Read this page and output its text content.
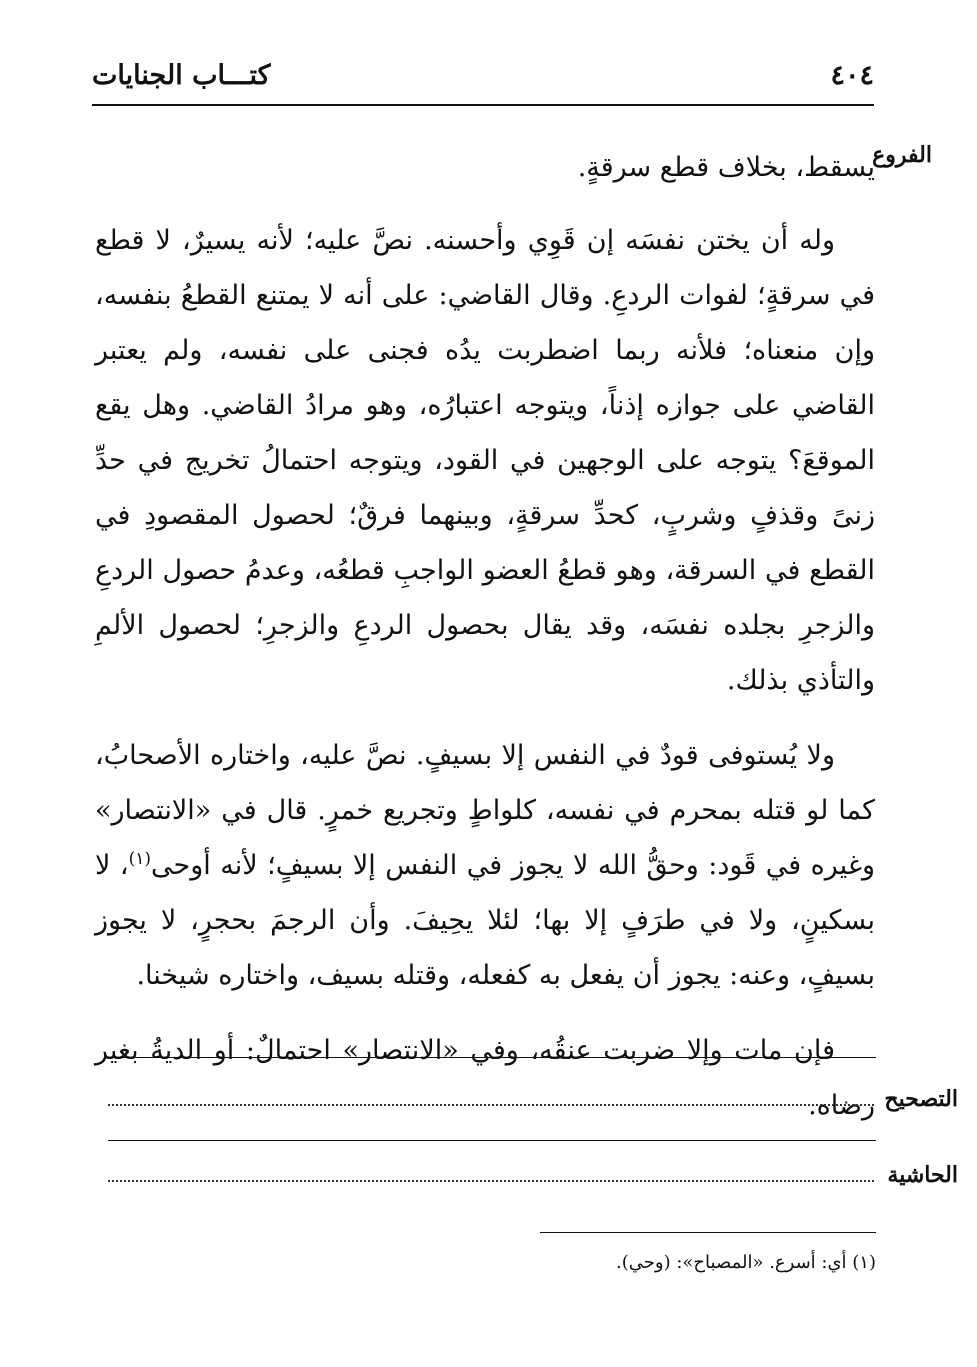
٤٠٤
كتـــاب الجنايات
الفروع

يسقط، بخلاف قطع سرقةٍ.

وله أن يختن نفسَه إن قَوِي وأحسنه. نصَّ عليه؛ لأنه يسيرٌ، لا قطع في سرقةٍ؛ لفوات الردعِ. وقال القاضي: على أنه لا يمتنع القطعُ بنفسه، وإن منعناه؛ فلأنه ربما اضطربت يدُه فجنى على نفسه، ولم يعتبر القاضي على جوازه إذناً، ويتوجه اعتبارُه، وهو مرادُ القاضي. وهل يقع الموقعَ؟ يتوجه على الوجهين في القود، ويتوجه احتمالُ تخريج في حدِّ زنىً وقذفٍ وشربٍ، كحدِّ سرقةٍ، وبينهما فرقٌ؛ لحصول المقصودِ في القطع في السرقة، وهو قطعُ العضو الواجبِ قطعُه، وعدمُ حصول الردعِ والزجرِ بجلده نفسَه، وقد يقال بحصول الردعِ والزجرِ؛ لحصول الألمِ والتأذي بذلك.

ولا يُستوفى قودٌ في النفس إلا بسيفٍ. نصَّ عليه، واختاره الأصحابُ، كما لو قتله بمحرم في نفسه، كلواطٍ وتجريع خمرٍ. قال في «الانتصار» وغيره في قَود: وحقُّ الله لا يجوز في النفس إلا بسيفٍ؛ لأنه أوحى$^{(١)}$، لا بسكينٍ، ولا في طرَفٍ إلا بها؛ لئلا يحِيفَ. وأن الرجمَ بحجرٍ، لا يجوز بسيفٍ، وعنه: يجوز أن يفعل به كفعله، وقتله بسيف، واختاره شيخنا.

فإن مات وإلا ضربت عنقُه، وفي «الانتصار» احتمالٌ: أو الديةُ بغير رضاه. التصحيح
الحاشية
(١) أي: أسرع. «المصباح»: (وحي).
